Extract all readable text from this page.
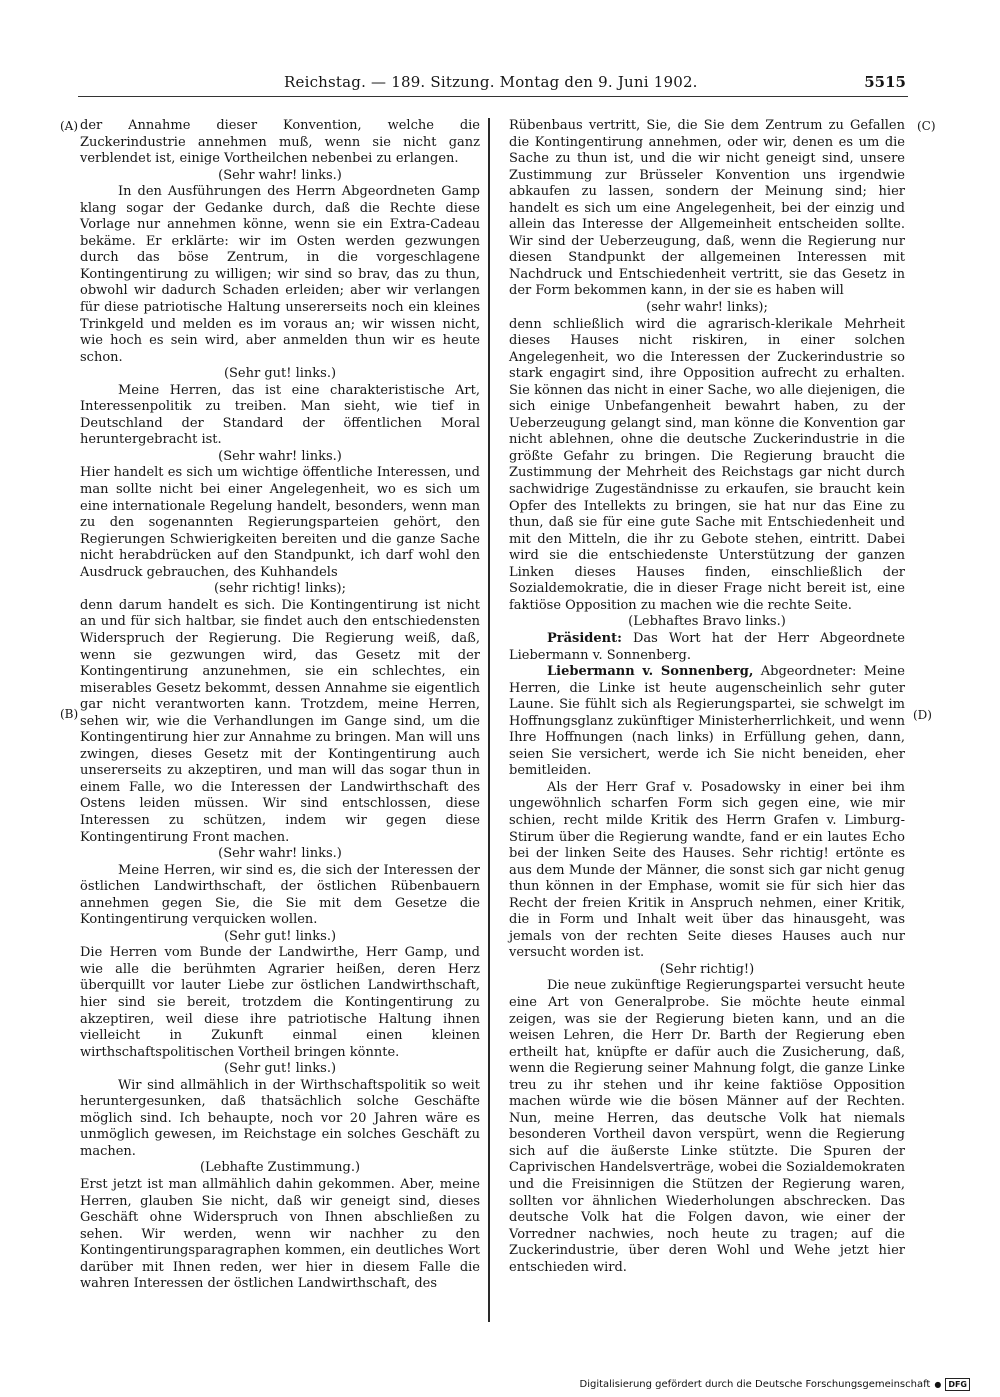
Reichstag. — 189. Sitzung. Montag den 9. Juni 1902.	5515
(A)
(B)
(C)
(D)

der Annahme dieser Konvention, welche die Zuckerindustrie annehmen muß, wenn sie nicht ganz verblendet ist, einige Vortheilchen nebenbei zu erlangen.

(Sehr wahr! links.)

In den Ausführungen des Herrn Abgeordneten Gamp klang sogar der Gedanke durch, daß die Rechte diese Vorlage nur annehmen könne, wenn sie ein Extra-Cadeau bekäme. Er erklärte: wir im Osten werden gezwungen durch das böse Zentrum, in die vorgeschlagene Kontingentirung zu willigen; wir sind so brav, das zu thun, obwohl wir dadurch Schaden erleiden; aber wir verlangen für diese patriotische Haltung unsererseits noch ein kleines Trinkgeld und melden es im voraus an; wir wissen nicht, wie hoch es sein wird, aber anmelden thun wir es heute schon.

(Sehr gut! links.)

Meine Herren, das ist eine charakteristische Art, Interessenpolitik zu treiben. Man sieht, wie tief in Deutschland der Standard der öffentlichen Moral heruntergebracht ist.

(Sehr wahr! links.)

Hier handelt es sich um wichtige öffentliche Interessen, und man sollte nicht bei einer Angelegenheit, wo es sich um eine internationale Regelung handelt, besonders, wenn man zu den sogenannten Regierungsparteien gehört, den Regierungen Schwierigkeiten bereiten und die ganze Sache nicht herabdrücken auf den Standpunkt, ich darf wohl den Ausdruck gebrauchen, des Kuhhandels

(sehr richtig! links);

denn darum handelt es sich. Die Kontingentirung ist nicht an und für sich haltbar, sie findet auch den entschiedensten Widerspruch der Regierung. Die Regierung weiß, daß, wenn sie gezwungen wird, das Gesetz mit der Kontingentirung anzunehmen, sie ein schlechtes, ein miserables Gesetz bekommt, dessen Annahme sie eigentlich gar nicht verantworten kann. Trotzdem, meine Herren, sehen wir, wie die Verhandlungen im Gange sind, um die Kontingentirung hier zur Annahme zu bringen. Man will uns zwingen, dieses Gesetz mit der Kontingentirung auch unsererseits zu akzeptiren, und man will das sogar thun in einem Falle, wo die Interessen der Landwirthschaft des Ostens leiden müssen. Wir sind entschlossen, diese Interessen zu schützen, indem wir gegen diese Kontingentirung Front machen.

(Sehr wahr! links.)

Meine Herren, wir sind es, die sich der Interessen der östlichen Landwirthschaft, der östlichen Rübenbauern annehmen gegen Sie, die Sie mit dem Gesetze die Kontingentirung verquicken wollen.

(Sehr gut! links.)

Die Herren vom Bunde der Landwirthe, Herr Gamp, und wie alle die berühmten Agrarier heißen, deren Herz überquillt vor lauter Liebe zur östlichen Landwirthschaft, hier sind sie bereit, trotzdem die Kontingentirung zu akzeptiren, weil diese ihre patriotische Haltung ihnen vielleicht in Zukunft einmal einen kleinen wirthschaftspolitischen Vortheil bringen könnte.

(Sehr gut! links.)

Wir sind allmählich in der Wirthschaftspolitik so weit heruntergesunken, daß thatsächlich solche Geschäfte möglich sind. Ich behaupte, noch vor 20 Jahren wäre es unmöglich gewesen, im Reichstage ein solches Geschäft zu machen.

(Lebhafte Zustimmung.)

Erst jetzt ist man allmählich dahin gekommen. Aber, meine Herren, glauben Sie nicht, daß wir geneigt sind, dieses Geschäft ohne Widerspruch von Ihnen abschließen zu sehen. Wir werden, wenn wir nachher zu den Kontingentirungsparagraphen kommen, ein deutliches Wort darüber mit Ihnen reden, wer hier in diesem Falle die wahren Interessen der östlichen Landwirthschaft, des

Rübenbaus vertritt, Sie, die Sie dem Zentrum zu Gefallen die Kontingentirung annehmen, oder wir, denen es um die Sache zu thun ist, und die wir nicht geneigt sind, unsere Zustimmung zur Brüsseler Konvention uns irgendwie abkaufen zu lassen, sondern der Meinung sind; hier handelt es sich um eine Angelegenheit, bei der einzig und allein das Interesse der Allgemeinheit entscheiden sollte. Wir sind der Ueberzeugung, daß, wenn die Regierung nur diesen Standpunkt der allgemeinen Interessen mit Nachdruck und Entschiedenheit vertritt, sie das Gesetz in der Form bekommen kann, in der sie es haben will

(sehr wahr! links);

denn schließlich wird die agrarisch-klerikale Mehrheit dieses Hauses nicht riskiren, in einer solchen Angelegenheit, wo die Interessen der Zuckerindustrie so stark engagirt sind, ihre Opposition aufrecht zu erhalten. Sie können das nicht in einer Sache, wo alle diejenigen, die sich einige Unbefangenheit bewahrt haben, zu der Ueberzeugung gelangt sind, man könne die Konvention gar nicht ablehnen, ohne die deutsche Zuckerindustrie in die größte Gefahr zu bringen. Die Regierung braucht die Zustimmung der Mehrheit des Reichstags gar nicht durch sachwidrige Zugeständnisse zu erkaufen, sie braucht kein Opfer des Intellekts zu bringen, sie hat nur das Eine zu thun, daß sie für eine gute Sache mit Entschiedenheit und mit den Mitteln, die ihr zu Gebote stehen, eintritt. Dabei wird sie die entschiedenste Unterstützung der ganzen Linken dieses Hauses finden, einschließlich der Sozialdemokratie, die in dieser Frage nicht bereit ist, eine faktiöse Opposition zu machen wie die rechte Seite.

(Lebhaftes Bravo links.)

Präsident: Das Wort hat der Herr Abgeordnete Liebermann v. Sonnenberg.

Liebermann v. Sonnenberg, Abgeordneter: Meine Herren, die Linke ist heute augenscheinlich sehr guter Laune. Sie fühlt sich als Regierungspartei, sie schwelgt im Hoffnungsglanz zukünftiger Ministerherrlichkeit, und wenn Ihre Hoffnungen (nach links) in Erfüllung gehen, dann, seien Sie versichert, werde ich Sie nicht beneiden, eher bemitleiden.

Als der Herr Graf v. Posadowsky in einer bei ihm ungewöhnlich scharfen Form sich gegen eine, wie mir schien, recht milde Kritik des Herrn Grafen v. Limburg-Stirum über die Regierung wandte, fand er ein lautes Echo bei der linken Seite des Hauses. Sehr richtig! ertönte es aus dem Munde der Männer, die sonst sich gar nicht genug thun können in der Emphase, womit sie für sich hier das Recht der freien Kritik in Anspruch nehmen, einer Kritik, die in Form und Inhalt weit über das hinausgeht, was jemals von der rechten Seite dieses Hauses auch nur versucht worden ist.

(Sehr richtig!)

Die neue zukünftige Regierungspartei versucht heute eine Art von Generalprobe. Sie möchte heute einmal zeigen, was sie der Regierung bieten kann, und an die weisen Lehren, die Herr Dr. Barth der Regierung eben ertheilt hat, knüpfte er dafür auch die Zusicherung, daß, wenn die Regierung seiner Mahnung folgt, die ganze Linke treu zu ihr stehen und ihr keine faktiöse Opposition machen würde wie die bösen Männer auf der Rechten. Nun, meine Herren, das deutsche Volk hat niemals besonderen Vortheil davon verspürt, wenn die Regierung sich auf die äußerste Linke stützte. Die Spuren der Caprivischen Handelsverträge, wobei die Sozialdemokraten und die Freisinnigen die Stützen der Regierung waren, sollten vor ähnlichen Wiederholungen abschrecken. Das deutsche Volk hat die Folgen davon, wie einer der Vorredner nachwies, noch heute zu tragen; auf die Zuckerindustrie, über deren Wohl und Wehe jetzt hier entschieden wird.

Digitalisierung gefördert durch die Deutsche Forschungsgemeinschaft ● DFG
